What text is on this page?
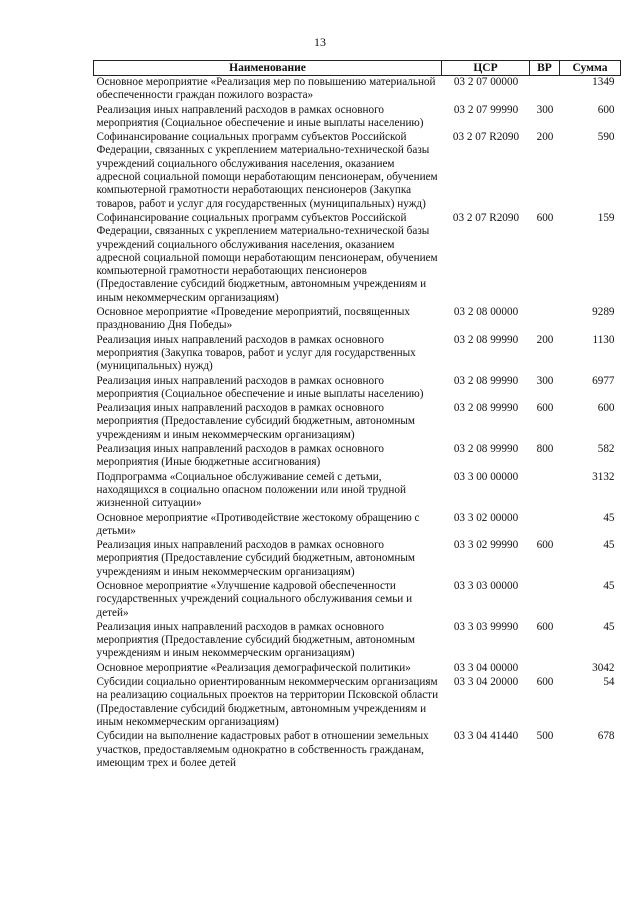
13
Наименование	ЦСР	ВР	Сумма
Основное мероприятие «Реализация мер по повышению материальной обеспеченности граждан пожилого возраста»	03 2 07 00000		1349
Реализация иных направлений расходов в рамках основного мероприятия (Социальное обеспечение и иные выплаты населению)	03 2 07 99990	300	600
Софинансирование социальных программ субъектов Российской Федерации, связанных с укреплением материально-технической базы учреждений социального обслуживания населения, оказанием адресной социальной помощи неработающим пенсионерам, обучением компьютерной грамотности неработающих пенсионеров (Закупка товаров, работ и услуг для государственных (муниципальных) нужд)	03 2 07 R2090	200	590
Софинансирование социальных программ субъектов Российской Федерации, связанных с укреплением материально-технической базы учреждений социального обслуживания населения, оказанием адресной социальной помощи неработающим пенсионерам, обучением компьютерной грамотности неработающих пенсионеров (Предоставление субсидий бюджетным, автономным учреждениям и иным некоммерческим организациям)	03 2 07 R2090	600	159
Основное мероприятие «Проведение мероприятий, посвященных празднованию Дня Победы»	03 2 08 00000		9289
Реализация иных направлений расходов в рамках основного мероприятия (Закупка товаров, работ и услуг для государственных (муниципальных) нужд)	03 2 08 99990	200	1130
Реализация иных направлений расходов в рамках основного мероприятия (Социальное обеспечение и иные выплаты населению)	03 2 08 99990	300	6977
Реализация иных направлений расходов в рамках основного мероприятия (Предоставление субсидий бюджетным, автономным учреждениям и иным некоммерческим организациям)	03 2 08 99990	600	600
Реализация иных направлений расходов в рамках основного мероприятия (Иные бюджетные ассигнования)	03 2 08 99990	800	582
Подпрограмма «Социальное обслуживание семей с детьми, находящихся в социально опасном положении или иной трудной жизненной ситуации»	03 3 00 00000		3132
Основное мероприятие «Противодействие жестокому обращению с детьми»	03 3 02 00000		45
Реализация иных направлений расходов в рамках основного мероприятия (Предоставление субсидий бюджетным, автономным учреждениям и иным некоммерческим организациям)	03 3 02 99990	600	45
Основное мероприятие «Улучшение кадровой обеспеченности государственных учреждений социального обслуживания семьи и детей»	03 3 03 00000		45
Реализация иных направлений расходов в рамках основного мероприятия (Предоставление субсидий бюджетным, автономным учреждениям и иным некоммерческим организациям)	03 3 03 99990	600	45
Основное мероприятие «Реализация демографической политики»	03 3 04 00000		3042
Субсидии социально ориентированным некоммерческим организациям на реализацию социальных проектов на территории Псковской области (Предоставление субсидий бюджетным, автономным учреждениям и иным некоммерческим организациям)	03 3 04 20000	600	54
Субсидии на выполнение кадастровых работ в отношении земельных участков, предоставляемым однократно в собственность гражданам, имеющим трех и более детей	03 3 04 41440	500	678
